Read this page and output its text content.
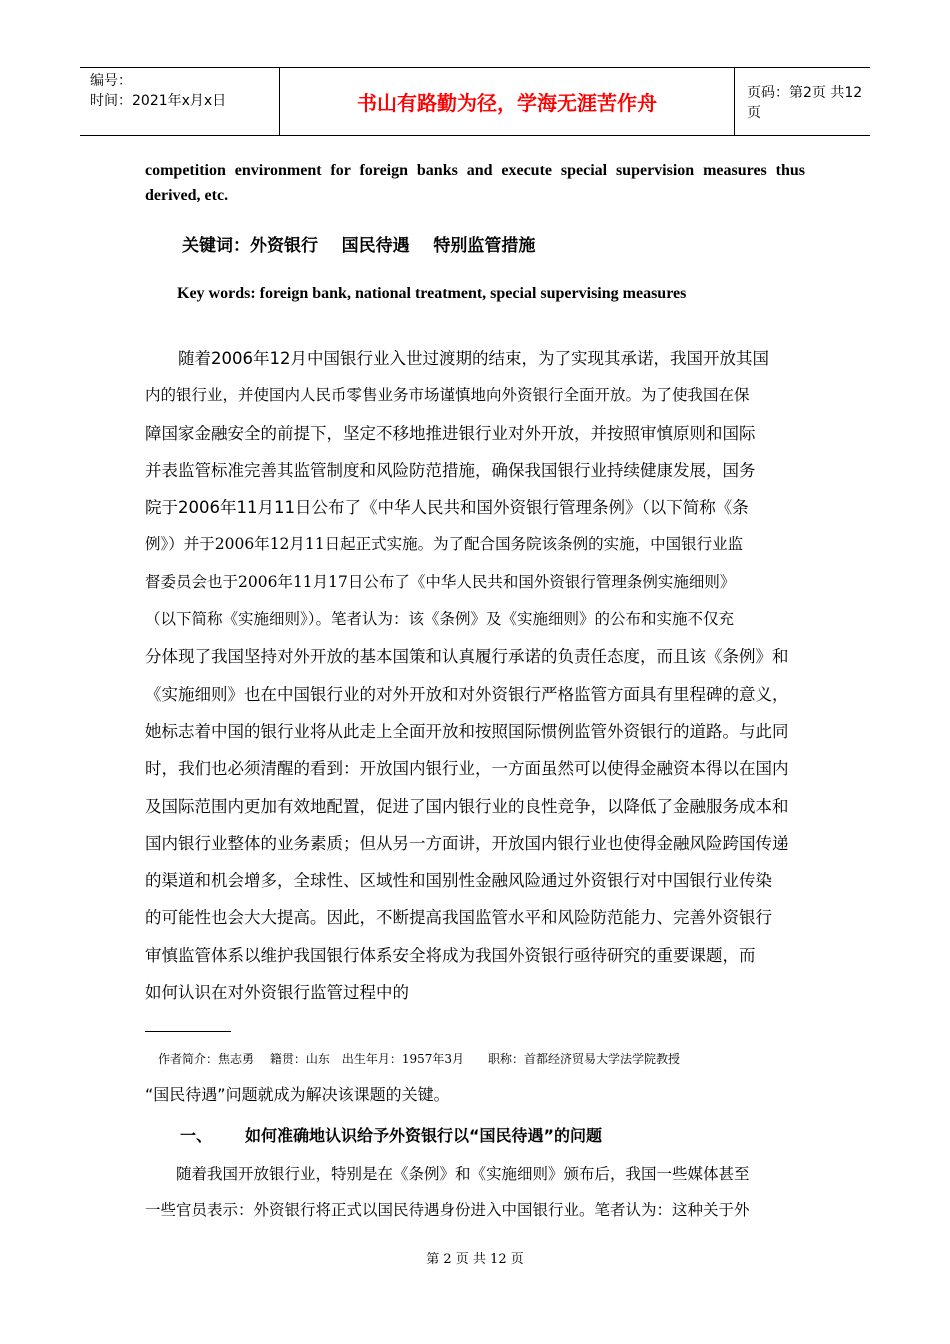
编号：
时间：2021年x月x日	书山有路勤为径，学海无涯苦作舟	页码：第2页 共12页
competition environment for foreign banks and execute special supervision measures thus derived, etc.
关键词：外资银行    国民待遇    特别监管措施
Key words: foreign bank, national treatment, special supervising measures
　　随着2006年12月中国银行业入世过渡期的结束，为了实现其承诺，我国开放其国
内的银行业，并使国内人民币零售业务市场谨慎地向外资银行全面开放。为了使我国在保
障国家金融安全的前提下，坚定不移地推进银行业对外开放，并按照审慎原则和国际
并表监管标准完善其监管制度和风险防范措施，确保我国银行业持续健康发展，国务
院于2006年11月11日公布了《中华人民共和国外资银行管理条例》（以下简称《条
例》）并于2006年12月11日起正式实施。为了配合国务院该条例的实施，中国银行业监
督委员会也于2006年11月17日公布了《中华人民共和国外资银行管理条例实施细则》
（以下简称《实施细则》）。笔者认为：该《条例》及《实施细则》的公布和实施不仅充
分体现了我国坚持对外开放的基本国策和认真履行承诺的负责任态度，而且该《条例》和
《实施细则》也在中国银行业的对外开放和对外资银行严格监管方面具有里程碑的意义，
她标志着中国的银行业将从此走上全面开放和按照国际惯例监管外资银行的道路。与此同
时，我们也必须清醒的看到：开放国内银行业，一方面虽然可以使得金融资本得以在国内
及国际范围内更加有效地配置，促进了国内银行业的良性竞争，以降低了金融服务成本和
国内银行业整体的业务素质；但从另一方面讲，开放国内银行业也使得金融风险跨国传递
的渠道和机会增多，全球性、区域性和国别性金融风险通过外资银行对中国银行业传染
的可能性也会大大提高。因此，不断提高我国监管水平和风险防范能力、完善外资银行
审慎监管体系以维护我国银行体系安全将成为我国外资银行亟待研究的重要课题，而
如何认识在对外资银行监管过程中的
作者简介：焦志勇　 籍贯：山东　出生年月：1957年3月　　职称：首都经济贸易大学法学院教授
“国民待遇”问题就成为解决该课题的关键。
一、 如何准确地认识给予外资银行以“国民待遇”的问题
　　随着我国开放银行业，特别是在《条例》和《实施细则》颁布后，我国一些媒体甚至
一些官员表示：外资银行将正式以国民待遇身份进入中国银行业。笔者认为：这种关于外
第 2 页 共 12 页
